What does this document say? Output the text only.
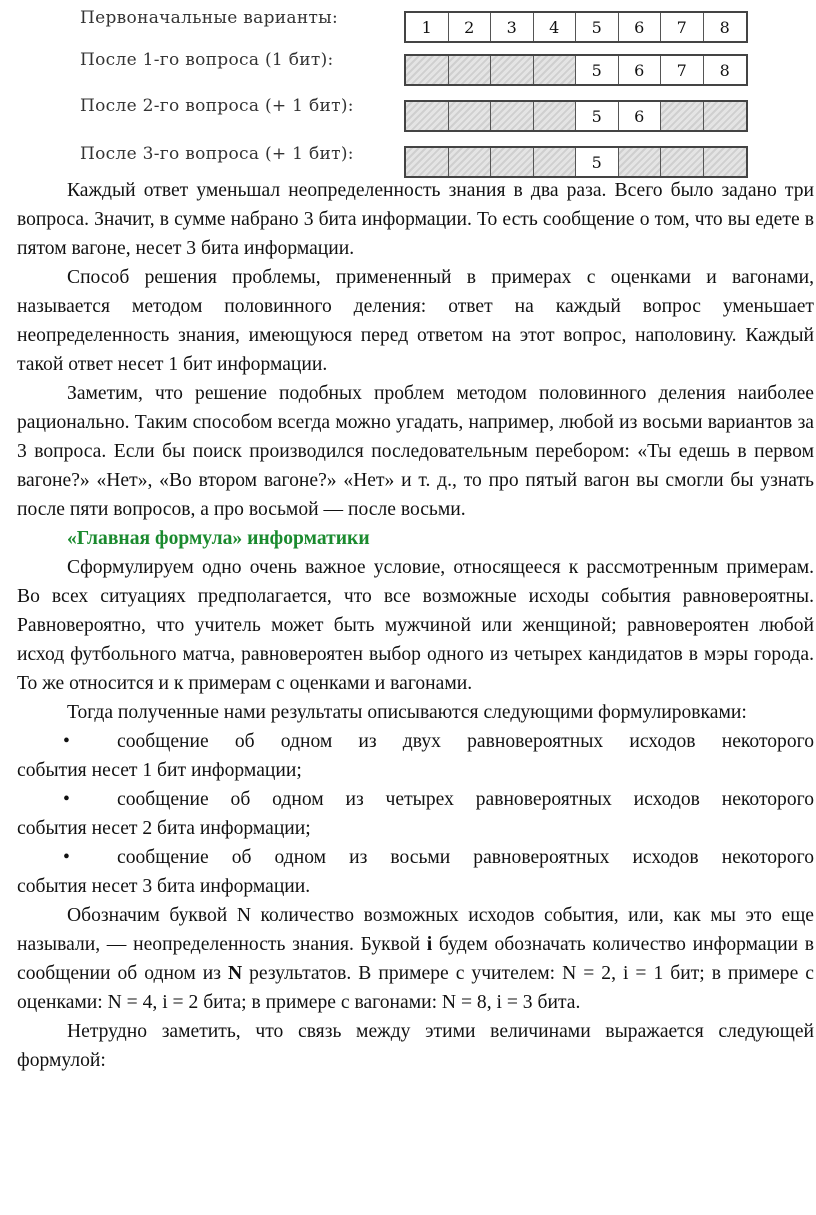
Первоначальные варианты:	1 2 3 4 5 6 7 8
После 1-го вопроса (1 бит):	5 6 7 8
После 2-го вопроса (+ 1 бит):	5 6
После 3-го вопроса (+ 1 бит):	5

Каждый ответ уменьшал неопределенность знания в два раза. Всего было задано три вопроса. Значит, в сумме набрано 3 бита информации. То есть сообщение о том, что вы едете в пятом вагоне, несет 3 бита информации.

Способ решения проблемы, примененный в примерах с оценками и вагонами, называется методом половинного деления: ответ на каждый вопрос уменьшает неопределенность знания, имеющуюся перед ответом на этот вопрос, наполовину. Каждый такой ответ несет 1 бит информации.

Заметим, что решение подобных проблем методом половинного деления наиболее рационально. Таким способом всегда можно угадать, например, любой из восьми вариантов за 3 вопроса. Если бы поиск производился последовательным перебором: «Ты едешь в первом вагоне?» «Нет», «Во втором вагоне?» «Нет» и т. д., то про пятый вагон вы смогли бы узнать после пяти вопросов, а про восьмой — после восьми.

«Главная формула» информатики

Сформулируем одно очень важное условие, относящееся к рассмотренным примерам. Во всех ситуациях предполагается, что все возможные исходы события равновероятны. Равновероятно, что учитель может быть мужчиной или женщиной; равновероятен любой исход футбольного матча, равновероятен выбор одного из четырех кандидатов в мэры города. То же относится и к примерам с оценками и вагонами.

Тогда полученные нами результаты описываются следующими формулировками:

•	сообщение об одном из двух равновероятных исходов некоторого
события несет 1 бит информации;
•	сообщение об одном из четырех равновероятных исходов некоторого
события несет 2 бита информации;
•	сообщение об одном из восьми равновероятных исходов некоторого
события несет 3 бита информации.

Обозначим буквой N количество возможных исходов события, или, как мы это еще называли, — неопределенность знания. Буквой i будем обозначать количество информации в сообщении об одном из N результатов. В примере с учителем: N = 2, i = 1 бит; в примере с оценками: N = 4, i = 2 бита; в примере с вагонами: N = 8, i = 3 бита.

Нетрудно заметить, что связь между этими величинами выражается следующей формулой:
